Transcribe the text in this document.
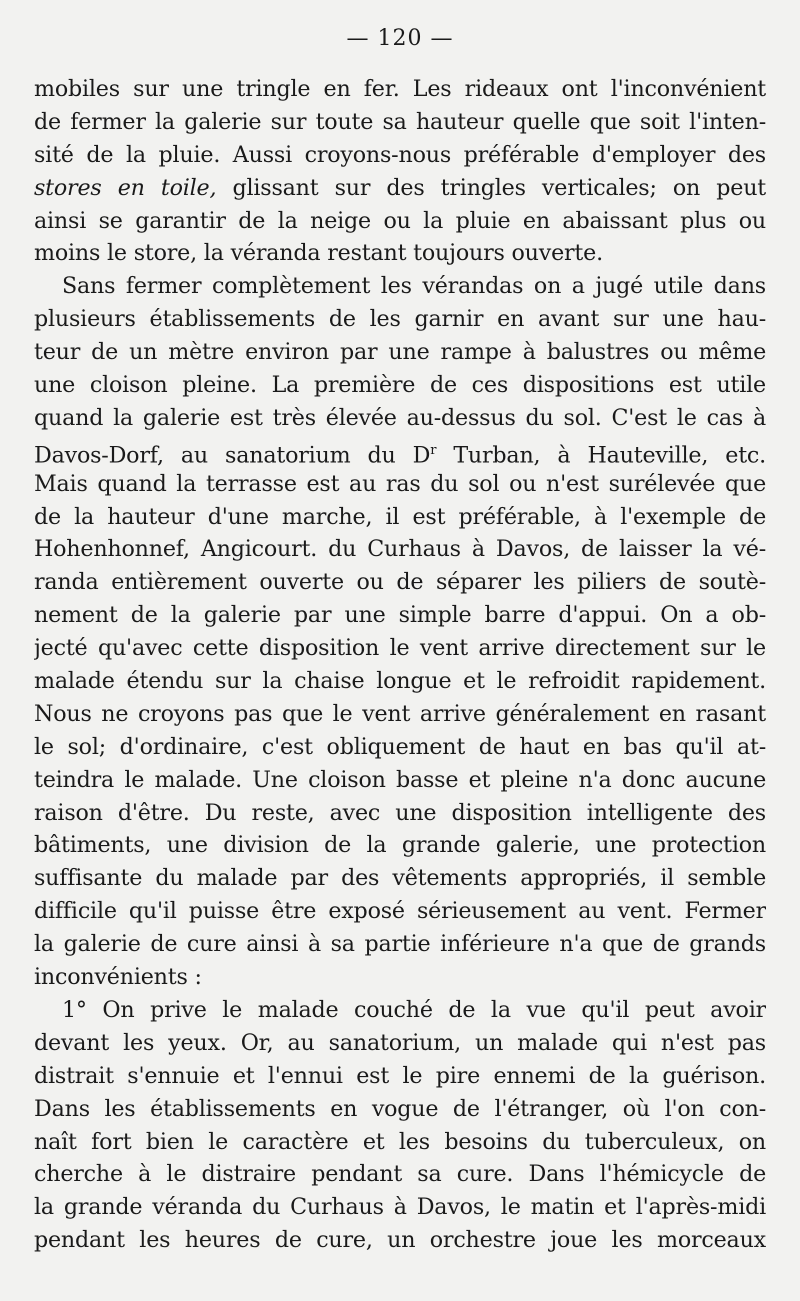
— 120 —
mobiles sur une tringle en fer. Les rideaux ont l'inconvénient
de fermer la galerie sur toute sa hauteur quelle que soit l'inten-
sité de la pluie. Aussi croyons-nous préférable d'employer des
stores en toile, glissant sur des tringles verticales; on peut
ainsi se garantir de la neige ou la pluie en abaissant plus ou
moins le store, la véranda restant toujours ouverte.
Sans fermer complètement les vérandas on a jugé utile dans
plusieurs établissements de les garnir en avant sur une hau-
teur de un mètre environ par une rampe à balustres ou même
une cloison pleine. La première de ces dispositions est utile
quand la galerie est très élevée au-dessus du sol. C'est le cas à
Davos-Dorf, au sanatorium du $D^r$ Turban, à Hauteville, etc.
Mais quand la terrasse est au ras du sol ou n'est surélevée que
de la hauteur d'une marche, il est préférable, à l'exemple de
Hohenhonnef, Angicourt. du Curhaus à Davos, de laisser la vé-
randa entièrement ouverte ou de séparer les piliers de soutè-
nement de la galerie par une simple barre d'appui. On a ob-
jecté qu'avec cette disposition le vent arrive directement sur le
malade étendu sur la chaise longue et le refroidit rapidement.
Nous ne croyons pas que le vent arrive généralement en rasant
le sol; d'ordinaire, c'est obliquement de haut en bas qu'il at-
teindra le malade. Une cloison basse et pleine n'a donc aucune
raison d'être. Du reste, avec une disposition intelligente des
bâtiments, une division de la grande galerie, une protection
suffisante du malade par des vêtements appropriés, il semble
difficile qu'il puisse être exposé sérieusement au vent. Fermer
la galerie de cure ainsi à sa partie inférieure n'a que de grands
inconvénients :
1° On prive le malade couché de la vue qu'il peut avoir
devant les yeux. Or, au sanatorium, un malade qui n'est pas
distrait s'ennuie et l'ennui est le pire ennemi de la guérison.
Dans les établissements en vogue de l'étranger, où l'on con-
naît fort bien le caractère et les besoins du tuberculeux, on
cherche à le distraire pendant sa cure. Dans l'hémicycle de
la grande véranda du Curhaus à Davos, le matin et l'après-midi
pendant les heures de cure, un orchestre joue les morceaux
